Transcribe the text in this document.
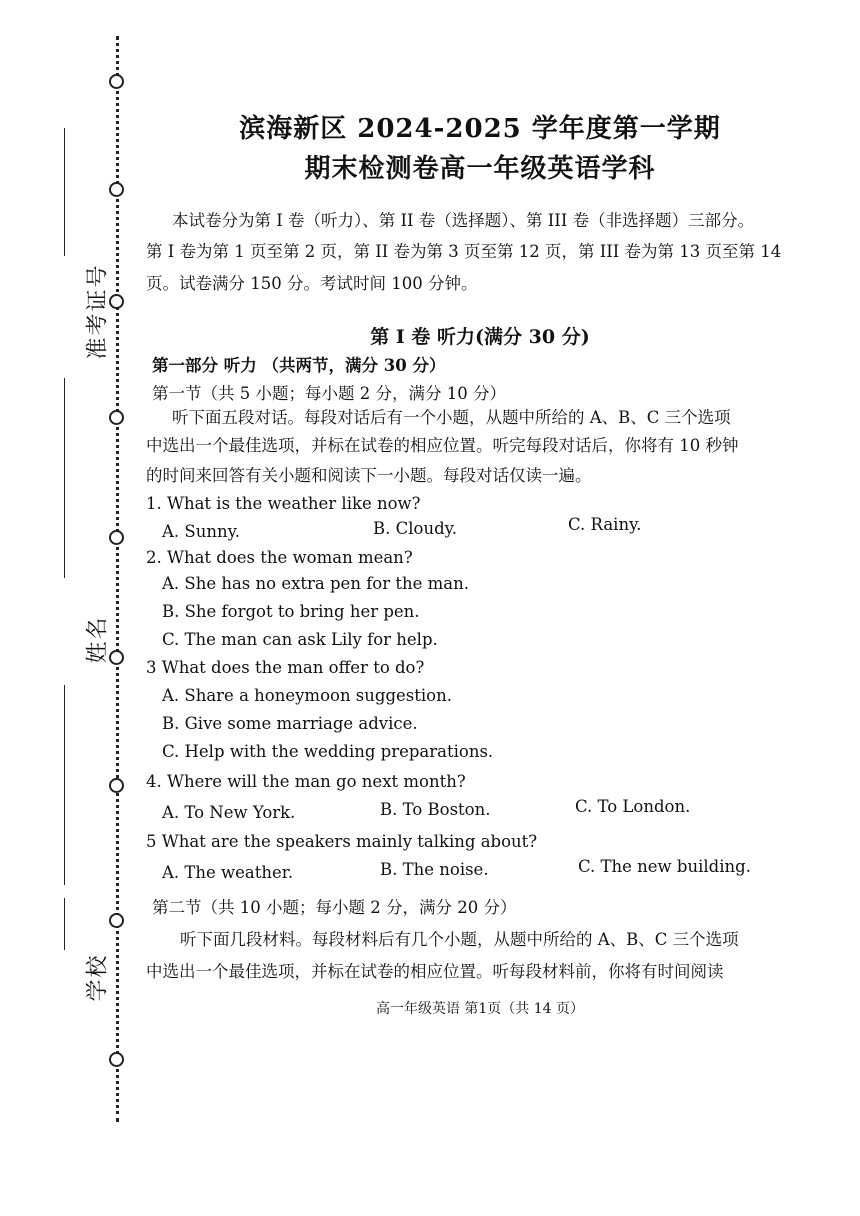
准考证号
姓名
学校
滨海新区 2024-2025 学年度第一学期
期末检测卷高一年级英语学科
本试卷分为第 I 卷（听力）、第 II 卷（选择题）、第 III 卷（非选择题）三部分。
第 I 卷为第 1 页至第 2 页，第 II 卷为第 3 页至第 12 页，第 III 卷为第 13 页至第 14
页。试卷满分 150 分。考试时间 100 分钟。
第 I 卷 听力(满分 30 分)
第一部分 听力 （共两节，满分 30 分）
第一节（共 5 小题；每小题 2 分，满分 10 分）
听下面五段对话。每段对话后有一个小题，从题中所给的 A、B、C 三个选项
中选出一个最佳选项，并标在试卷的相应位置。听完每段对话后，你将有 10 秒钟
的时间来回答有关小题和阅读下一小题。每段对话仅读一遍。
1. What is the weather like now?
A. Sunny.	B. Cloudy.	C. Rainy.
2. What does the woman mean?
A. She has no extra pen for the man.
B. She forgot to bring her pen.
C. The man can ask Lily for help.
3 What does the man offer to do?
A. Share a honeymoon suggestion.
B. Give some marriage advice.
C. Help with the wedding preparations.
4. Where will the man go next month?
A. To New York.	B. To Boston.	C. To London.
5 What are the speakers mainly talking about?
A. The weather.	B. The noise.	C. The new building.
第二节（共 10 小题；每小题 2 分，满分 20 分）
听下面几段材料。每段材料后有几个小题，从题中所给的 A、B、C 三个选项
中选出一个最佳选项，并标在试卷的相应位置。听每段材料前，你将有时间阅读
高一年级英语 第1页（共 14 页）
